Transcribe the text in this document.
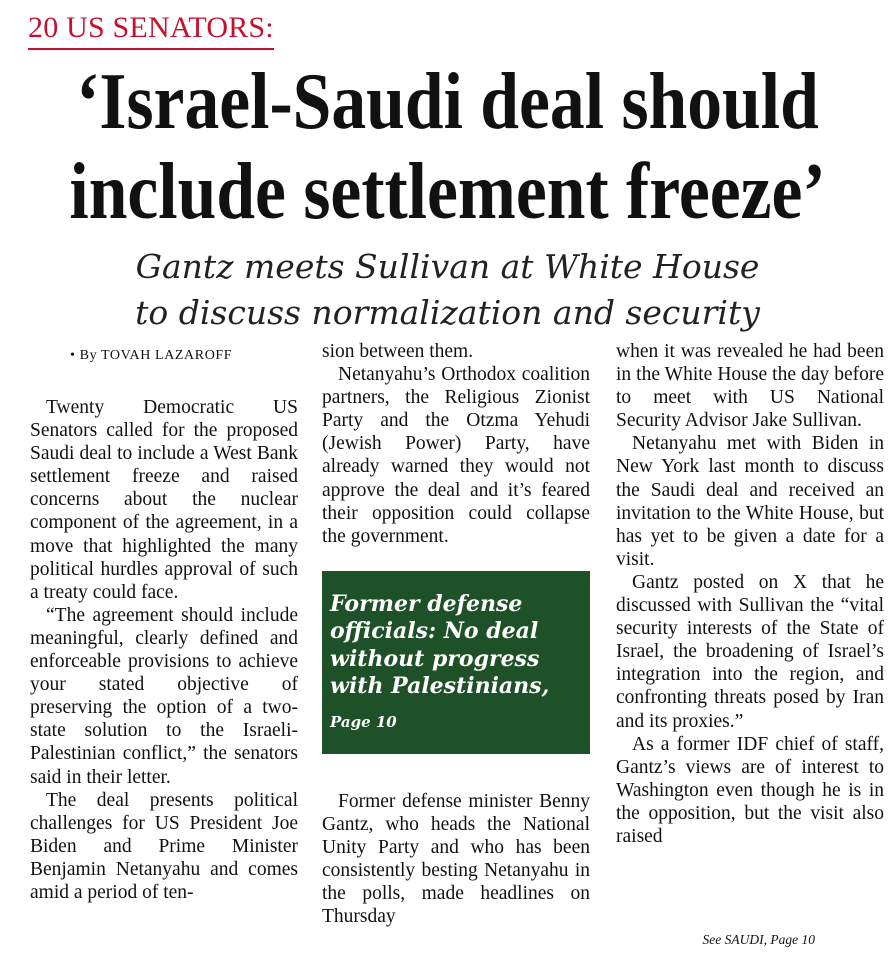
20 US SENATORS:
‘Israel-Saudi deal should
include settlement freeze’
Gantz meets Sullivan at White House
to discuss normalization and security
• By TOVAH LAZAROFF

Twenty Democratic US Senators called for the proposed Saudi deal to include a West Bank settlement freeze and raised concerns about the nuclear component of the agreement, in a move that highlighted the many political hurdles approval of such a treaty could face.

“The agreement should include meaningful, clearly defined and enforceable provisions to achieve your stated objective of preserving the option of a two-state solution to the Israeli-Palestinian conflict,” the senators said in their letter.

The deal presents political challenges for US President Joe Biden and Prime Minister Benjamin Netanyahu and comes amid a period of ten-

sion between them.

Netanyahu’s Orthodox coalition partners, the Religious Zionist Party and the Otzma Yehudi (Jewish Power) Party, have already warned they would not approve the deal and it’s feared their opposition could collapse the government.

Former defense officials: No deal without progress with Palestinians,
Page 10

Former defense minister Benny Gantz, who heads the National Unity Party and who has been consistently besting Netanyahu in the polls, made headlines on Thursday

when it was revealed he had been in the White House the day before to meet with US National Security Advisor Jake Sullivan.

Netanyahu met with Biden in New York last month to discuss the Saudi deal and received an invitation to the White House, but has yet to be given a date for a visit.

Gantz posted on X that he discussed with Sullivan the “vital security interests of the State of Israel, the broadening of Israel’s integration into the region, and confronting threats posed by Iran and its proxies.”

As a former IDF chief of staff, Gantz’s views are of interest to Washington even though he is in the opposition, but the visit also raised

See SAUDI, Page 10
